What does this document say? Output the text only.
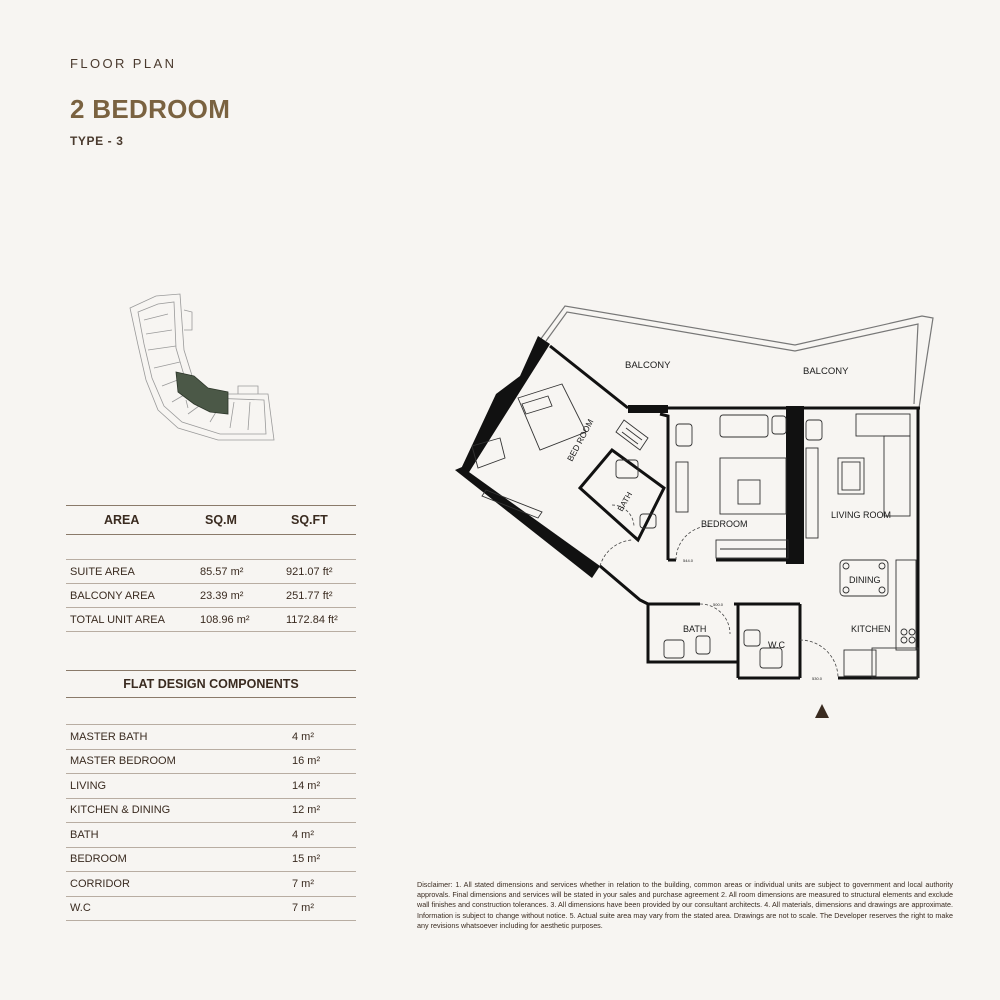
FLOOR PLAN
2 BEDROOM
TYPE - 3
AREA	SQ.M	SQ.FT
SUITE AREA	85.57 m²	921.07 ft²
BALCONY AREA	23.39 m²	251.77 ft²
TOTAL UNIT AREA	108.96 m²	1172.84 ft²
FLAT DESIGN COMPONENTS
MASTER BATH	4 m²
MASTER BEDROOM	16 m²
LIVING	14 m²
KITCHEN & DINING	12 m²
BATH	4 m²
BEDROOM	15 m²
CORRIDOR	7 m²
W.C	7 m²
544.0
500.0
530.0
BALCONY
BALCONY
BED ROOM
BATH
BEDROOM
LIVING ROOM
DINING
KITCHEN
BATH
W.C
Disclaimer: 1. All stated dimensions and services whether in relation to the building, common areas or individual units are subject to government and local authority approvals. Final dimensions and services will be stated in your sales and purchase agreement 2. All room dimensions are measured to structural elements and exclude wall finishes and construction tolerances. 3. All dimensions have been provided by our consultant architects. 4. All materials, dimensions and drawings are approximate. Information is subject to change without notice. 5. Actual suite area may vary from the stated area. Drawings are not to scale. The Developer reserves the right to make any revisions whatsoever including for aesthetic purposes.
